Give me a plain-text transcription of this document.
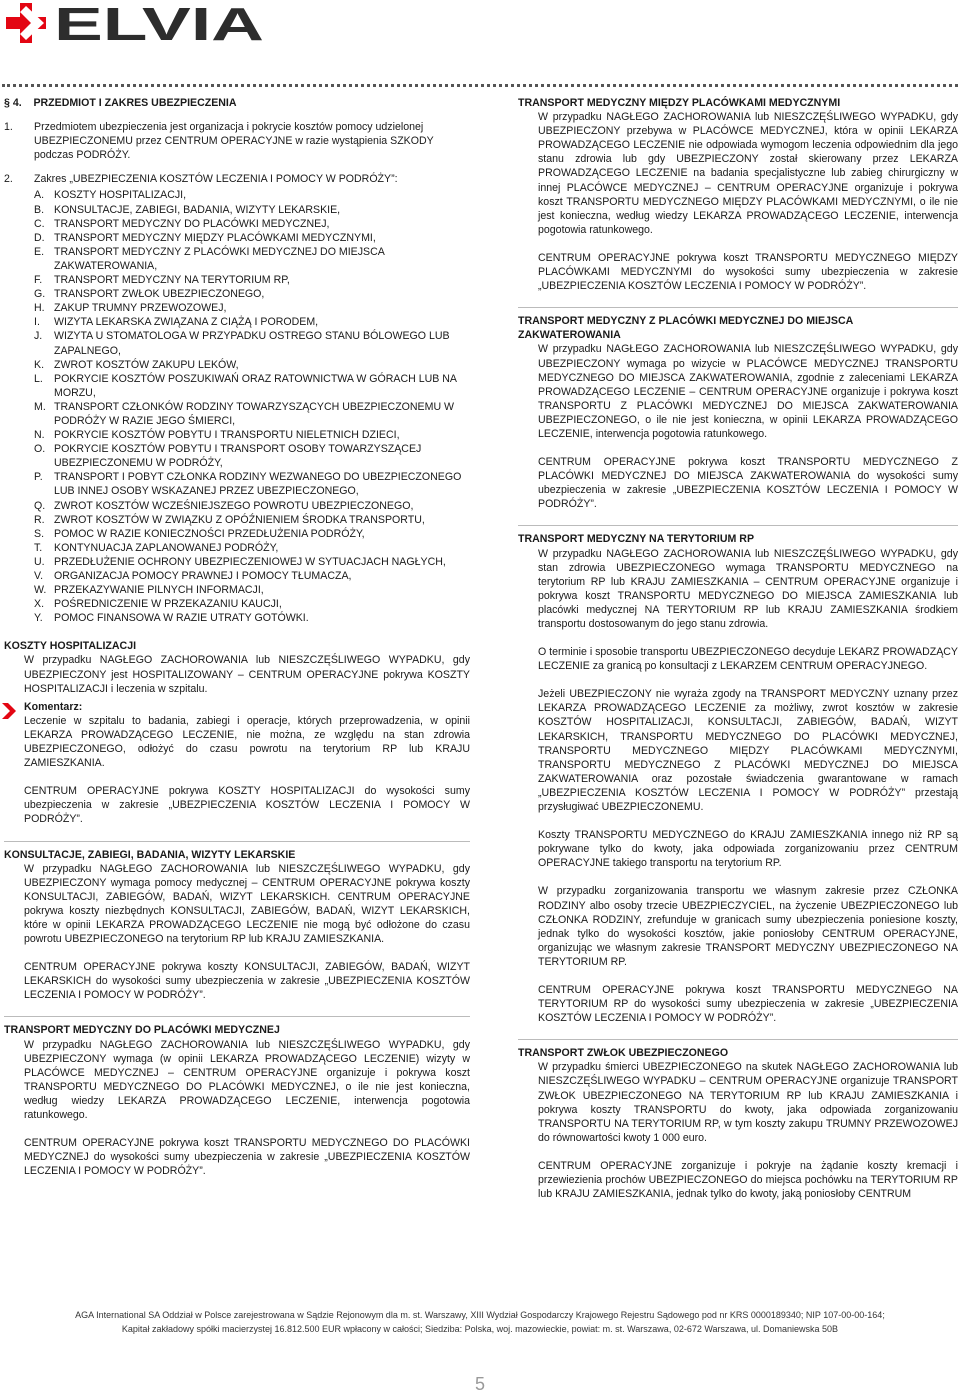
ELVIA
§ 4. PRZEDMIOT I ZAKRES UBEZPIECZENIA
1.	Przedmiotem ubezpieczenia jest organizacja i pokrycie kosztów pomocy udzielonej UBEZPIECZONEMU przez CENTRUM OPERACYJNE w razie wystąpienia SZKODY podczas PODRÓŻY.
2.	Zakres „UBEZPIECZENIA KOSZTÓW LECZENIA I POMOCY W PODRÓŻY”:
A. KOSZTY HOSPITALIZACJI,
B. KONSULTACJE, ZABIEGI, BADANIA, WIZYTY LEKARSKIE,
C. TRANSPORT MEDYCZNY DO PLACÓWKI MEDYCZNEJ,
D. TRANSPORT MEDYCZNY MIĘDZY PLACÓWKAMI MEDYCZNYMI,
E. TRANSPORT MEDYCZNY Z PLACÓWKI MEDYCZNEJ DO MIEJSCA ZAKWATEROWANIA,
F.	TRANSPORT MEDYCZNY NA TERYTORIUM RP,
G. TRANSPORT ZWŁOK UBEZPIECZONEGO,
H. ZAKUP TRUMNY PRZEWOZOWEJ,
I.	WIZYTA LEKARSKA ZWIĄZANA Z CIĄŻĄ I PORODEM,
J.	WIZYTA U STOMATOLOGA W PRZYPADKU OSTREGO STANU BÓLOWEGO LUB ZAPALNEGO,
K. ZWROT KOSZTÓW ZAKUPU LEKÓW,
L.	POKRYCIE KOSZTÓW POSZUKIWAŃ ORAZ RATOWNICTWA W GÓRACH LUB NA MORZU,
M. TRANSPORT CZŁONKÓW RODZINY TOWARZYSZĄCYCH UBEZPIECZONEMU W PODRÓŻY W RAZIE JEGO ŚMIERCI,
N. POKRYCIE KOSZTÓW POBYTU I TRANSPORTU NIELETNICH DZIECI,
O. POKRYCIE KOSZTÓW POBYTU I TRANSPORT OSOBY TOWARZYSZĄCEJ UBEZPIECZONEMU W PODRÓŻY,
P.	TRANSPORT I POBYT CZŁONKA RODZINY WEZWANEGO DO UBEZPIECZONEGO LUB INNEJ OSOBY WSKAZANEJ PRZEZ UBEZPIECZONEGO,
Q. ZWROT KOSZTÓW WCZEŚNIEJSZEGO POWROTU UBEZPIECZONEGO,
R. ZWROT KOSZTÓW W ZWIĄZKU Z OPÓŹNIENIEM ŚRODKA TRANSPORTU,
S. POMOC W RAZIE KONIECZNOŚCI PRZEDŁUŻENIA PODRÓŻY,
T.	KONTYNUACJA ZAPLANOWANEJ PODRÓŻY,
U. PRZEDŁUŻENIE OCHRONY UBEZPIECZENIOWEJ W SYTUACJACH NAGŁYCH,
V.	ORGANIZACJA POMOCY PRAWNEJ I POMOCY TŁUMACZA,
W. PRZEKAZYWANIE PILNYCH INFORMACJI,
X. POŚREDNICZENIE W PRZEKAZANIU KAUCJI,
Y.	POMOC FINANSOWA W RAZIE UTRATY GOTÓWKI.
KOSZTY HOSPITALIZACJI

W przypadku NAGŁEGO ZACHOROWANIA lub NIESZCZĘŚLIWEGO WYPADKU, gdy UBEZPIECZONY jest HOSPITALIZOWANY – CENTRUM OPERACYJNE pokrywa KOSZTY HOSPITALIZACJI i leczenia w szpitalu.

Komentarz:

Leczenie w szpitalu to badania, zabiegi i operacje, których przeprowadzenia, w opinii LEKARZA PROWADZĄCEGO LECZENIE, nie można, ze względu na stan zdrowia UBEZPIECZONEGO, odłożyć do czasu powrotu na terytorium RP lub KRAJU ZAMIESZKANIA.

CENTRUM OPERACYJNE pokrywa KOSZTY HOSPITALIZACJI do wysokości sumy ubezpieczenia w zakresie „UBEZPIECZENIA KOSZTÓW LECZENIA I POMOCY W PODRÓŻY”.

KONSULTACJE, ZABIEGI, BADANIA, WIZYTY LEKARSKIE

W przypadku NAGŁEGO ZACHOROWANIA lub NIESZCZĘŚLIWEGO WYPADKU, gdy UBEZPIECZONY wymaga pomocy medycznej – CENTRUM OPERACYJNE pokrywa koszty KONSULTACJI, ZABIEGÓW, BADAŃ, WIZYT LEKARSKICH. CENTRUM OPERACYJNE pokrywa koszty niezbędnych KONSULTACJI, ZABIEGÓW, BADAŃ, WIZYT LEKARSKICH, które w opinii LEKARZA PROWADZĄCEGO LECZENIE nie mogą być odłożone do czasu powrotu UBEZPIECZONEGO na terytorium RP lub KRAJU ZAMIESZKANIA.

CENTRUM OPERACYJNE pokrywa koszty KONSULTACJI, ZABIEGÓW, BADAŃ, WIZYT LEKARSKICH do wysokości sumy ubezpieczenia w zakresie „UBEZPIECZENIA KOSZTÓW LECZENIA I POMOCY W PODRÓŻY”.

TRANSPORT MEDYCZNY DO PLACÓWKI MEDYCZNEJ

W przypadku NAGŁEGO ZACHOROWANIA lub NIESZCZĘŚLIWEGO WYPADKU, gdy UBEZPIECZONY wymaga (w opinii LEKARZA PROWADZĄCEGO LECZENIE) wizyty w PLACÓWCE MEDYCZNEJ – CENTRUM OPERACYJNE organizuje i pokrywa koszt TRANSPORTU MEDYCZNEGO DO PLACÓWKI MEDYCZNEJ, o ile nie jest konieczna, według wiedzy LEKARZA PROWADZĄCEGO LECZENIE, interwencja pogotowia ratunkowego.

CENTRUM OPERACYJNE pokrywa koszt TRANSPORTU MEDYCZNEGO DO PLACÓWKI MEDYCZNEJ do wysokości sumy ubezpieczenia w zakresie „UBEZPIECZENIA KOSZTÓW LECZENIA I POMOCY W PODRÓŻY”.

TRANSPORT MEDYCZNY MIĘDZY PLACÓWKAMI MEDYCZNYMI

W przypadku NAGŁEGO ZACHOROWANIA lub NIESZCZĘŚLIWEGO WYPADKU, gdy UBEZPIECZONY przebywa w PLACÓWCE MEDYCZNEJ, która w opinii LEKARZA PROWADZĄCEGO LECZENIE nie odpowiada wymogom leczenia odpowiednim dla jego stanu zdrowia lub gdy UBEZPIECZONY został skierowany przez LEKARZA PROWADZĄCEGO LECZENIE na badania specjalistyczne lub zabieg chirurgiczny w innej PLACÓWCE MEDYCZNEJ – CENTRUM OPERACYJNE organizuje i pokrywa koszt TRANSPORTU MEDYCZNEGO MIĘDZY PLACÓWKAMI MEDYCZNYMI, o ile nie jest konieczna, według wiedzy LEKARZA PROWADZĄCEGO LECZENIE, interwencja pogotowia ratunkowego.

CENTRUM OPERACYJNE pokrywa koszt TRANSPORTU MEDYCZNEGO MIĘDZY PLACÓWKAMI MEDYCZNYMI do wysokości sumy ubezpieczenia w zakresie „UBEZPIECZENIA KOSZTÓW LECZENIA I POMOCY W PODRÓŻY”.

TRANSPORT MEDYCZNY Z PLACÓWKI MEDYCZNEJ DO MIEJSCA ZAKWATEROWANIA

W przypadku NAGŁEGO ZACHOROWANIA lub NIESZCZĘŚLIWEGO WYPADKU, gdy UBEZPIECZONY wymaga po wizycie w PLACÓWCE MEDYCZNEJ TRANSPORTU MEDYCZNEGO DO MIEJSCA ZAKWATEROWANIA, zgodnie z zaleceniami LEKARZA PROWADZĄCEGO LECZENIE – CENTRUM OPERACYJNE organizuje i pokrywa koszt TRANSPORTU Z PLACÓWKI MEDYCZNEJ DO MIEJSCA ZAKWATEROWANIA UBEZPIECZONEGO, o ile nie jest konieczna, w opinii LEKARZA PROWADZĄCEGO LECZENIE, interwencja pogotowia ratunkowego.

CENTRUM OPERACYJNE pokrywa koszt TRANSPORTU MEDYCZNEGO Z PLACÓWKI MEDYCZNEJ DO MIEJSCA ZAKWATEROWANIA do wysokości sumy ubezpieczenia w zakresie „UBEZPIECZENIA KOSZTÓW LECZENIA I POMOCY W PODRÓŻY”.

TRANSPORT MEDYCZNY NA TERYTORIUM RP

W przypadku NAGŁEGO ZACHOROWANIA lub NIESZCZĘŚLIWEGO WYPADKU, gdy stan zdrowia UBEZPIECZONEGO wymaga TRANSPORTU MEDYCZNEGO na terytorium RP lub KRAJU ZAMIESZKANIA – CENTRUM OPERACYJNE organizuje i pokrywa koszt TRANSPORTU MEDYCZNEGO DO MIEJSCA ZAMIESZKANIA lub placówki medycznej NA TERYTORIUM RP lub KRAJU ZAMIESZKANIA środkiem transportu dostosowanym do jego stanu zdrowia.

O terminie i sposobie transportu UBEZPIECZONEGO decyduje LEKARZ PROWADZĄCY LECZENIE za granicą po konsultacji z LEKARZEM CENTRUM OPERACYJNEGO.

Jeżeli UBEZPIECZONY nie wyraża zgody na TRANSPORT MEDYCZNY uznany przez LEKARZA PROWADZĄCEGO LECZENIE za możliwy, zwrot kosztów w zakresie KOSZTÓW HOSPITALIZACJI, KONSULTACJI, ZABIEGÓW, BADAŃ, WIZYT LEKARSKICH, TRANSPORTU MEDYCZNEGO DO PLACÓWKI MEDYCZNEJ, TRANSPORTU MEDYCZNEGO MIĘDZY PLACÓWKAMI MEDYCZNYMI, TRANSPORTU MEDYCZNEGO Z PLACÓWKI MEDYCZNEJ DO MIEJSCA ZAKWATEROWANIA oraz pozostałe świadczenia gwarantowane w ramach „UBEZPIECZENIA KOSZTÓW LECZENIA I POMOCY W PODRÓŻY” przestają przysługiwać UBEZPIECZONEMU.

Koszty TRANSPORTU MEDYCZNEGO do KRAJU ZAMIESZKANIA innego niż RP są pokrywane tylko do kwoty, jaka odpowiada zorganizowaniu przez CENTRUM OPERACYJNE takiego transportu na terytorium RP.

W przypadku zorganizowania transportu we własnym zakresie przez CZŁONKA RODZINY albo osoby trzecie UBEZPIECZYCIEL, na życzenie UBEZPIECZONEGO lub CZŁONKA RODZINY, zrefunduje w granicach sumy ubezpieczenia poniesione koszty, jednak tylko do wysokości kosztów, jakie poniosłoby CENTRUM OPERACYJNE, organizując we własnym zakresie TRANSPORT MEDYCZNY UBEZPIECZONEGO NA TERYTORIUM RP.

CENTRUM OPERACYJNE pokrywa koszt TRANSPORTU MEDYCZNEGO NA TERYTORIUM RP do wysokości sumy ubezpieczenia w zakresie „UBEZPIECZENIA KOSZTÓW LECZENIA I POMOCY W PODRÓŻY”.

TRANSPORT ZWŁOK UBEZPIECZONEGO

W przypadku śmierci UBEZPIECZONEGO na skutek NAGŁEGO ZACHOROWANIA lub NIESZCZĘŚLIWEGO WYPADKU – CENTRUM OPERACYJNE organizuje TRANSPORT ZWŁOK UBEZPIECZONEGO NA TERYTORIUM RP lub KRAJU ZAMIESZKANIA i pokrywa koszty TRANSPORTU do kwoty, jaka odpowiada zorganizowaniu TRANSPORTU NA TERYTORIUM RP, w tym koszty zakupu TRUMNY PRZEWOZOWEJ do równowartości kwoty 1 000 euro.

CENTRUM OPERACYJNE zorganizuje i pokryje na żądanie koszty kremacji i przewiezienia prochów UBEZPIECZONEGO do miejsca pochówku na TERYTORIUM RP lub KRAJU ZAMIESZKANIA, jednak tylko do kwoty, jaką poniosłoby CENTRUM

AGA International SA Oddział w Polsce zarejestrowana w Sądzie Rejonowym dla m. st. Warszawy, XIII Wydział Gospodarczy Krajowego Rejestru Sądowego pod nr KRS 0000189340; NIP 107-00-00-164;
Kapitał zakładowy spółki macierzystej 16.812.500 EUR wpłacony w całości; Siedziba: Polska, woj. mazowieckie, powiat: m. st. Warszawa, 02-672 Warszawa, ul. Domaniewska 50B
5
